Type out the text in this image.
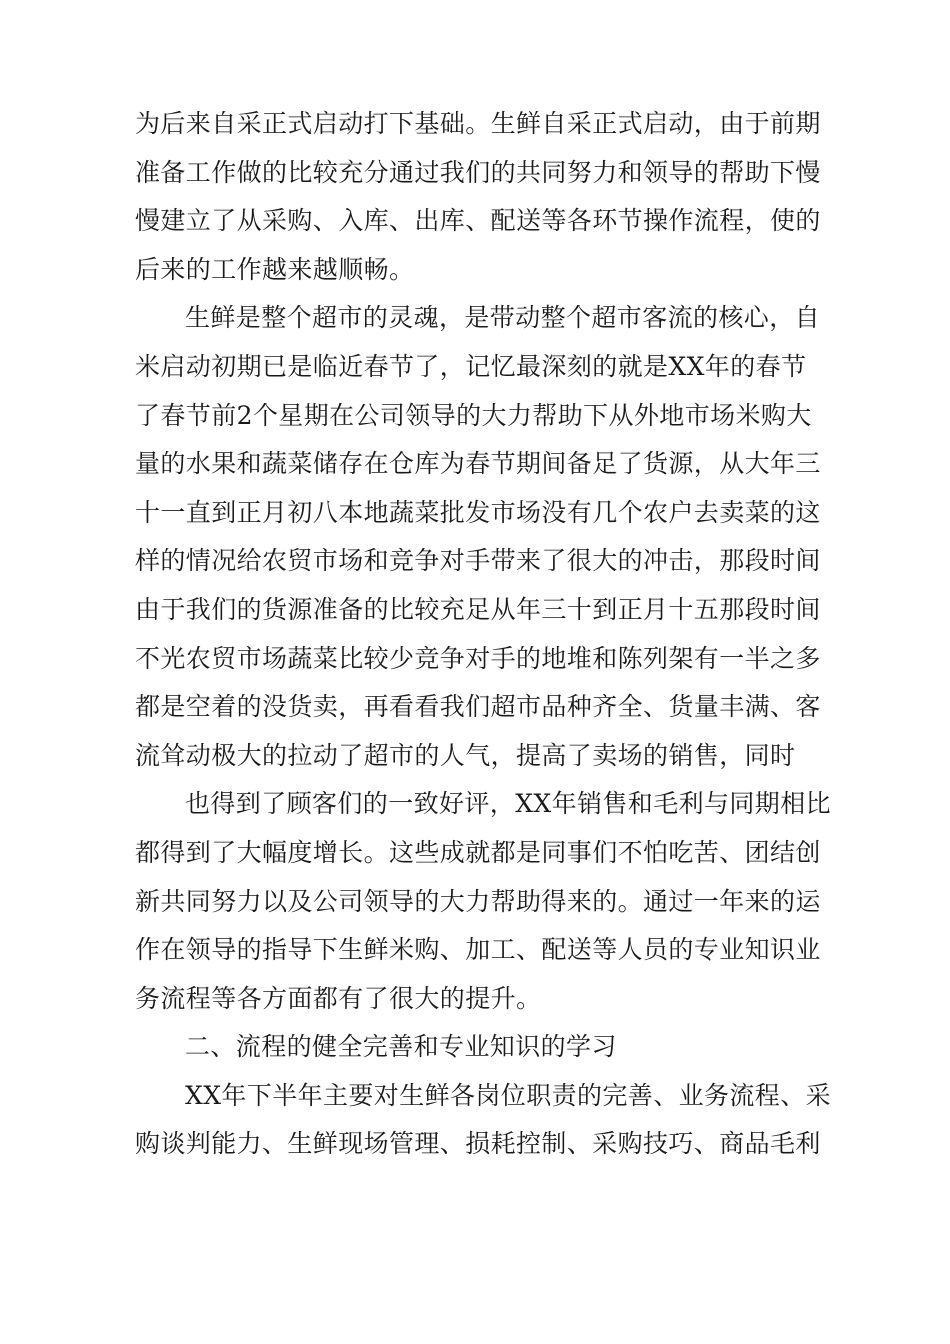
为后来自采正式启动打下基础。生鲜自采正式启动，由于前期
准备工作做的比较充分通过我们的共同努力和领导的帮助下慢
慢建立了从采购、入库、出库、配送等各环节操作流程，使的
后来的工作越来越顺畅。
生鲜是整个超市的灵魂，是带动整个超市客流的核心，自
米启动初期已是临近春节了，记忆最深刻的就是XX年的春节
了春节前2个星期在公司领导的大力帮助下从外地市场米购大
量的水果和蔬菜储存在仓库为春节期间备足了货源，从大年三
十一直到正月初八本地蔬菜批发市场没有几个农户去卖菜的这
样的情况给农贸市场和竞争对手带来了很大的冲击，那段时间
由于我们的货源准备的比较充足从年三十到正月十五那段时间
不光农贸市场蔬菜比较少竞争对手的地堆和陈列架有一半之多
都是空着的没货卖，再看看我们超市品种齐全、货量丰满、客
流耸动极大的拉动了超市的人气，提高了卖场的销售，同时
也得到了顾客们的一致好评，XX年销售和毛利与同期相比
都得到了大幅度增长。这些成就都是同事们不怕吃苦、团结创
新共同努力以及公司领导的大力帮助得来的。通过一年来的运
作在领导的指导下生鲜米购、加工、配送等人员的专业知识业
务流程等各方面都有了很大的提升。
二、流程的健全完善和专业知识的学习
XX年下半年主要对生鲜各岗位职责的完善、业务流程、采
购谈判能力、生鲜现场管理、损耗控制、采购技巧、商品毛利
